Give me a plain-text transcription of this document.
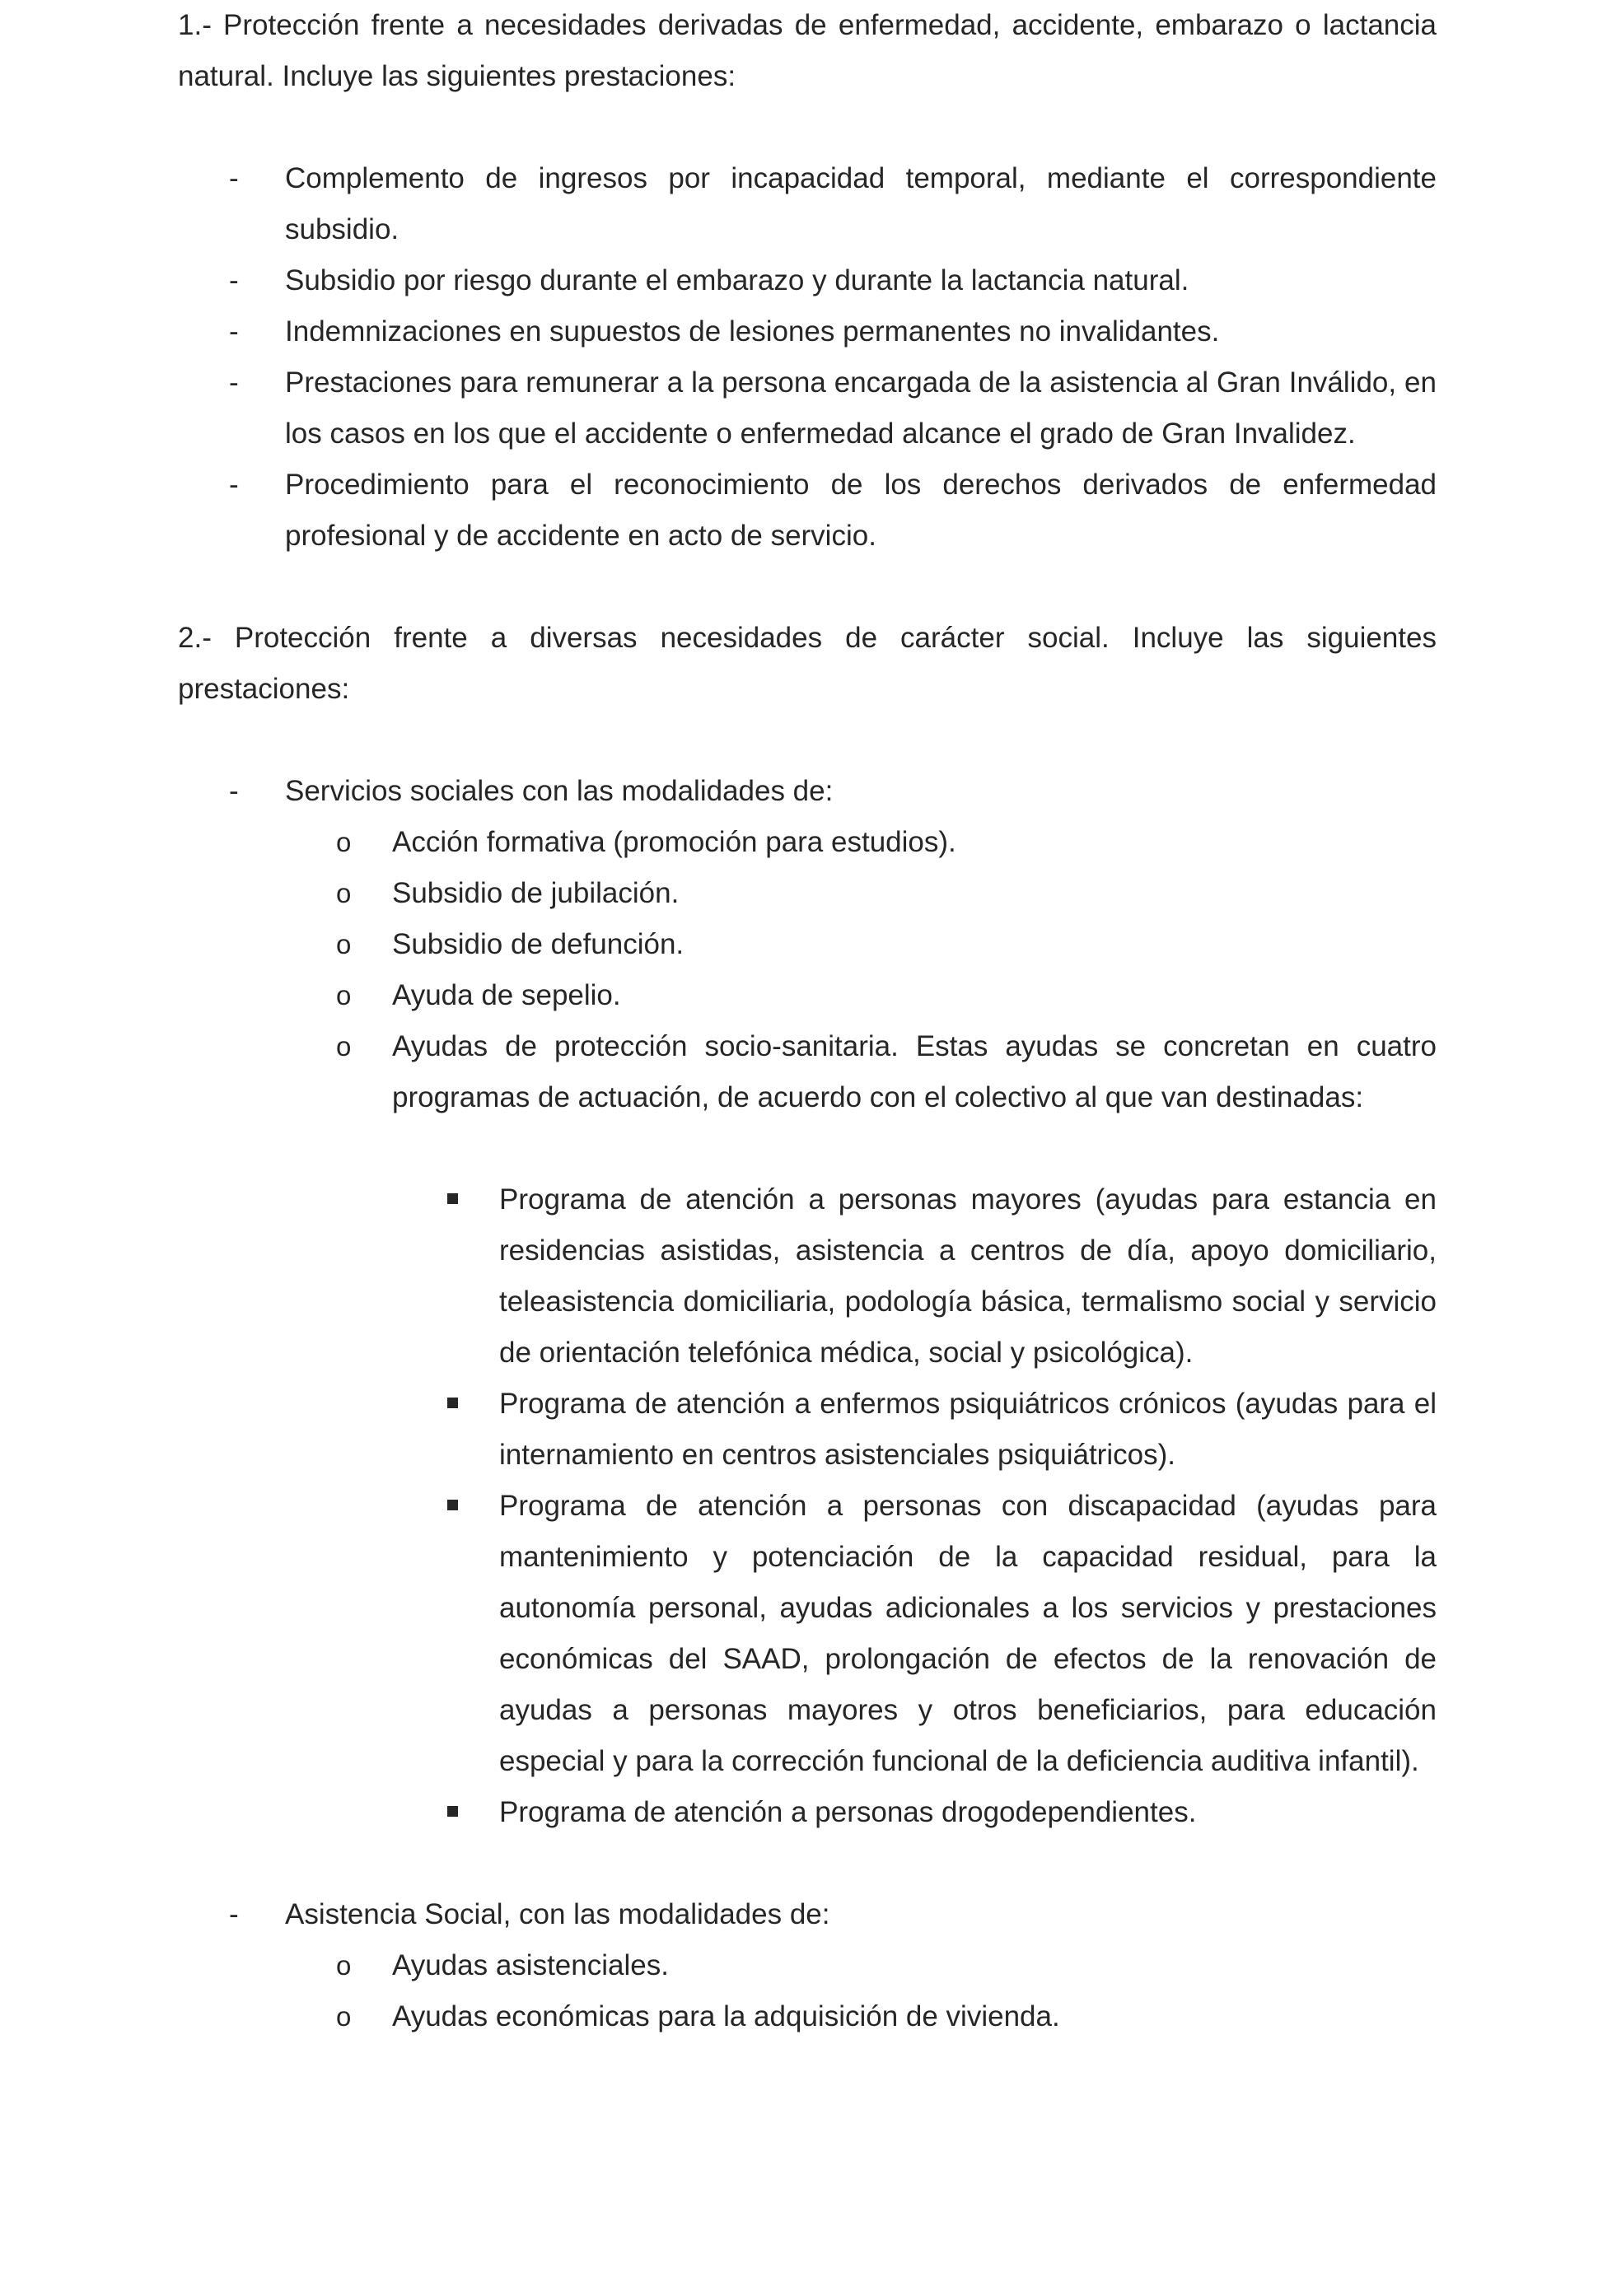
1.- Protección frente a necesidades derivadas de enfermedad, accidente, embarazo o lactancia natural. Incluye las siguientes prestaciones:

- Complemento de ingresos por incapacidad temporal, mediante el correspondiente subsidio.
- Subsidio por riesgo durante el embarazo y durante la lactancia natural.
- Indemnizaciones en supuestos de lesiones permanentes no invalidantes.
- Prestaciones para remunerar a la persona encargada de la asistencia al Gran Inválido, en los casos en los que el accidente o enfermedad alcance el grado de Gran Invalidez.
- Procedimiento para el reconocimiento de los derechos derivados de enfermedad profesional y de accidente en acto de servicio.

2.- Protección frente a diversas necesidades de carácter social. Incluye las siguientes prestaciones:

- Servicios sociales con las modalidades de:
o Acción formativa (promoción para estudios).
o Subsidio de jubilación.
o Subsidio de defunción.
o Ayuda de sepelio.
o Ayudas de protección socio-sanitaria. Estas ayudas se concretan en cuatro programas de actuación, de acuerdo con el colectivo al que van destinadas:
Programa de atención a personas mayores (ayudas para estancia en residencias asistidas, asistencia a centros de día, apoyo domiciliario, teleasistencia domiciliaria, podología básica, termalismo social y servicio de orientación telefónica médica, social y psicológica).
Programa de atención a enfermos psiquiátricos crónicos (ayudas para el internamiento en centros asistenciales psiquiátricos).
Programa de atención a personas con discapacidad (ayudas para mantenimiento y potenciación de la capacidad residual, para la autonomía personal, ayudas adicionales a los servicios y prestaciones económicas del SAAD, prolongación de efectos de la renovación de ayudas a personas mayores y otros beneficiarios, para educación especial y para la corrección funcional de la deficiencia auditiva infantil).
Programa de atención a personas drogodependientes.
- Asistencia Social, con las modalidades de:
o Ayudas asistenciales.
o Ayudas económicas para la adquisición de vivienda.
